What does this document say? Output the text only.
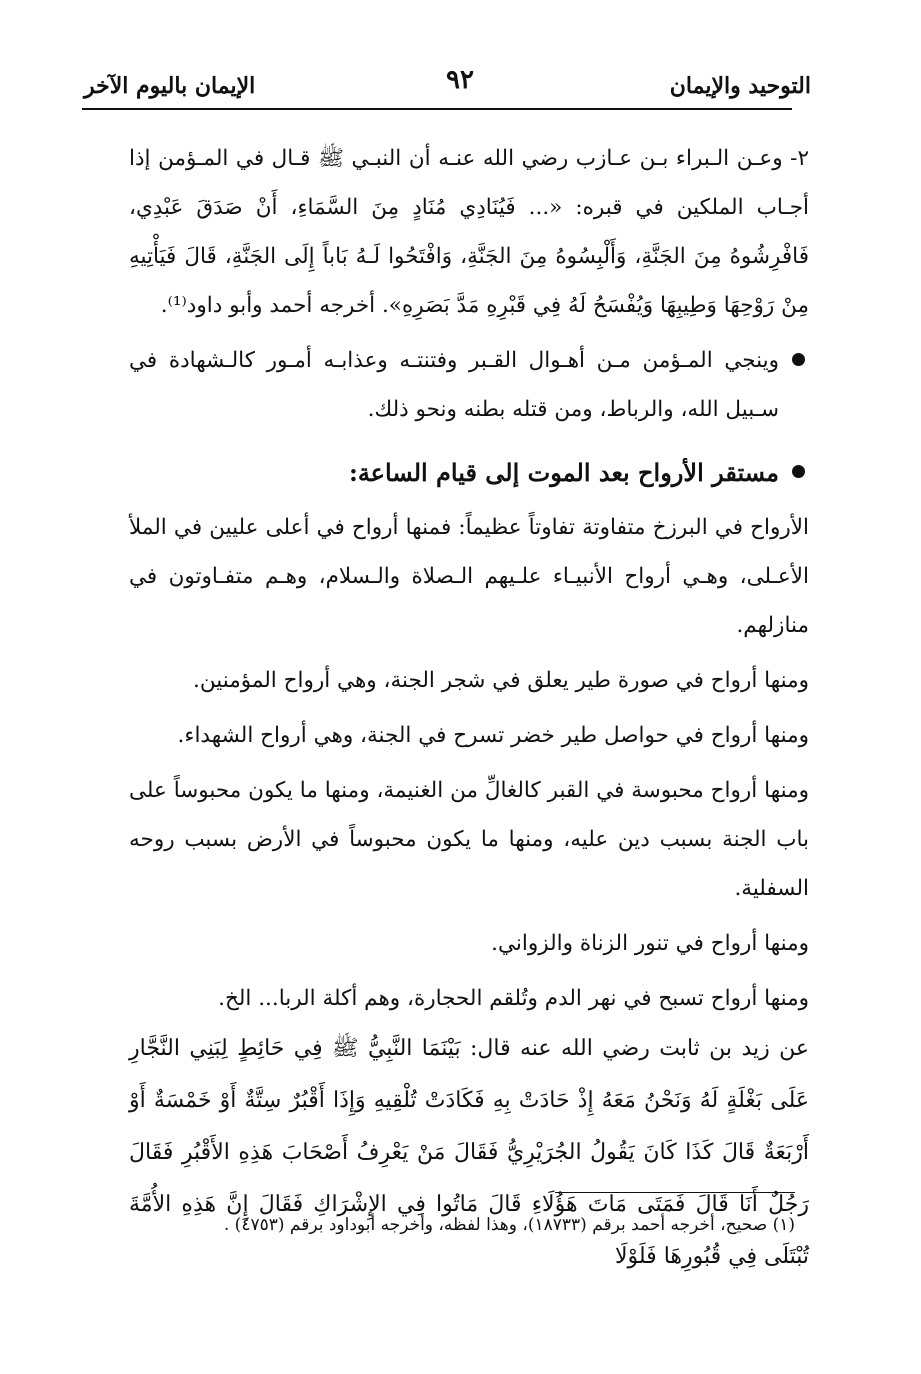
التوحيد والإيمان
٩٢
الإيمان باليوم الآخر

٢- وعـن الـبراء بـن عـازب رضي الله عنـه أن النبـي ﷺ قـال في المـؤمن إذا أجـاب الملكين في قبره: «... فَيُنَادِي مُنَادٍ مِنَ السَّمَاءِ، أَنْ صَدَقَ عَبْدِي، فَافْرِشُوهُ مِنَ الجَنَّةِ، وَأَلْبِسُوهُ مِنَ الجَنَّةِ، وَافْتَحُوا لَـهُ بَاباً إِلَى الجَنَّةِ، قَالَ فَيَأْتِيهِ مِنْ رَوْحِهَا وَطِيبِهَا وَيُفْسَحُ لَهُ فِي قَبْرِهِ مَدَّ بَصَرِهِ». أخرجه أحمد وأبو داود⁽¹⁾.

وينجي المـؤمن مـن أهـوال القـبر وفتنتـه وعذابـه أمـور كالـشهادة في سـبيل الله، والرباط، ومن قتله بطنه ونحو ذلك.
مستقر الأرواح بعد الموت إلى قيام الساعة:

الأرواح في البرزخ متفاوتة تفاوتاً عظيماً: فمنها أرواح في أعلى عليين في الملأ الأعـلى، وهـي أرواح الأنبيـاء علـيهم الـصلاة والـسلام، وهـم متفـاوتون في منازلهم.

ومنها أرواح في صورة طير يعلق في شجر الجنة، وهي أرواح المؤمنين.

ومنها أرواح في حواصل طير خضر تسرح في الجنة، وهي أرواح الشهداء.

ومنها أرواح محبوسة في القبر كالغالِّ من الغنيمة، ومنها ما يكون محبوساً على باب الجنة بسبب دين عليه، ومنها ما يكون محبوساً في الأرض بسبب روحه السفلية.

ومنها أرواح في تنور الزناة والزواني.

ومنها أرواح تسبح في نهر الدم وتُلقم الحجارة، وهم أكلة الربا... الخ.

عن زيد بن ثابت رضي الله عنه قال: بَيْنَمَا النَّبِيُّ ﷺ فِي حَائِطٍ لِبَنِي النَّجَّارِ عَلَى بَغْلَةٍ لَهُ وَنَحْنُ مَعَهُ إِذْ حَادَتْ بِهِ فَكَادَتْ تُلْقِيهِ وَإِذَا أَقْبُرٌ سِتَّةٌ أَوْ خَمْسَةٌ أَوْ أَرْبَعَةٌ قَالَ كَذَا كَانَ يَقُولُ الجُرَيْرِيُّ فَقَالَ مَنْ يَعْرِفُ أَصْحَابَ هَذِهِ الأَقْبُرِ فَقَالَ رَجُلٌ أَنَا قَالَ فَمَتَى مَاتَ هَؤُلَاءِ قَالَ مَاتُوا فِي الإِشْرَاكِ فَقَالَ إِنَّ هَذِهِ الأُمَّةَ تُبْتَلَى فِي قُبُورِهَا فَلَوْلَا

(١) صحيح، أخرجه أحمد برقم (١٨٧٣٣)، وهذا لفظه، وأخرجه أبوداود برقم (٤٧٥٣) .
